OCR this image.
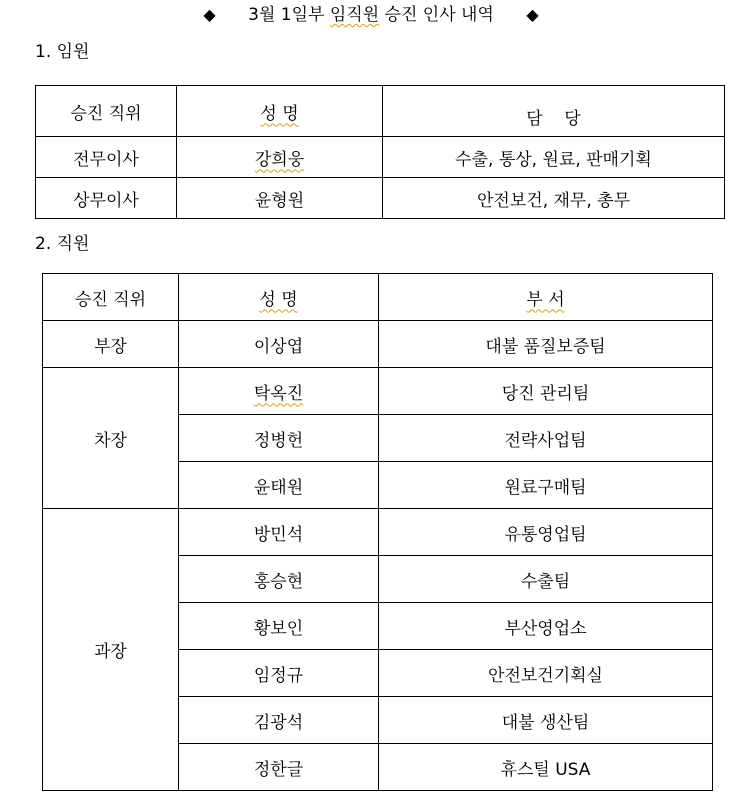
◆ 3월 1일부 임직원 승진 인사 내역 ◆
1. 임원
승진 직위	성 명	담    당
전무이사	강희웅	수출, 통상, 원료, 판매기획
상무이사	윤형원	안전보건, 재무, 총무
2. 직원
승진 직위	성 명	부 서
부장	이상엽	대불 품질보증팀
차장	탁옥진	당진 관리팀
	정병헌	전략사업팀
	윤태원	원료구매팀
과장	방민석	유통영업팀
	홍승현	수출팀
	황보인	부산영업소
	임정규	안전보건기획실
	김광석	대불 생산팀
	정한글	휴스틸 USA
